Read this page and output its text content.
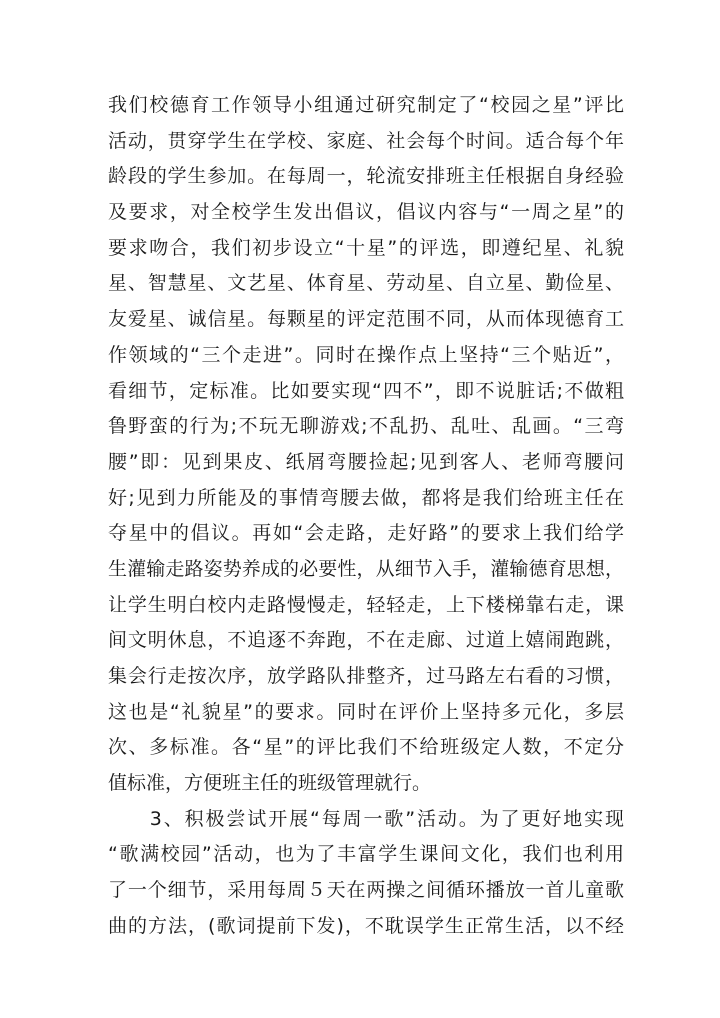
我们校德育工作领导小组通过研究制定了“校园之星”评比
活动，贯穿学生在学校、家庭、社会每个时间。适合每个年
龄段的学生参加。在每周一，轮流安排班主任根据自身经验
及要求，对全校学生发出倡议，倡议内容与“一周之星”的
要求吻合，我们初步设立“十星”的评选，即遵纪星、礼貌
星、智慧星、文艺星、体育星、劳动星、自立星、勤俭星、
友爱星、诚信星。每颗星的评定范围不同，从而体现德育工
作领域的“三个走进”。同时在操作点上坚持“三个贴近”，
看细节，定标准。比如要实现“四不”，即不说脏话;不做粗
鲁野蛮的行为;不玩无聊游戏;不乱扔、乱吐、乱画。“三弯
腰”即：见到果皮、纸屑弯腰捡起;见到客人、老师弯腰问
好;见到力所能及的事情弯腰去做，都将是我们给班主任在
夺星中的倡议。再如“会走路，走好路”的要求上我们给学
生灌输走路姿势养成的必要性，从细节入手，灌输德育思想，
让学生明白校内走路慢慢走，轻轻走，上下楼梯靠右走，课
间文明休息，不追逐不奔跑，不在走廊、过道上嬉闹跑跳，
集会行走按次序，放学路队排整齐，过马路左右看的习惯，
这也是“礼貌星”的要求。同时在评价上坚持多元化，多层
次、多标准。各“星”的评比我们不给班级定人数，不定分
值标准，方便班主任的班级管理就行。
　　3、积极尝试开展“每周一歌”活动。为了更好地实现
“歌满校园”活动，也为了丰富学生课间文化，我们也利用
了一个细节，采用每周５天在两操之间循环播放一首儿童歌
曲的方法，(歌词提前下发)，不耽误学生正常生活，以不经
